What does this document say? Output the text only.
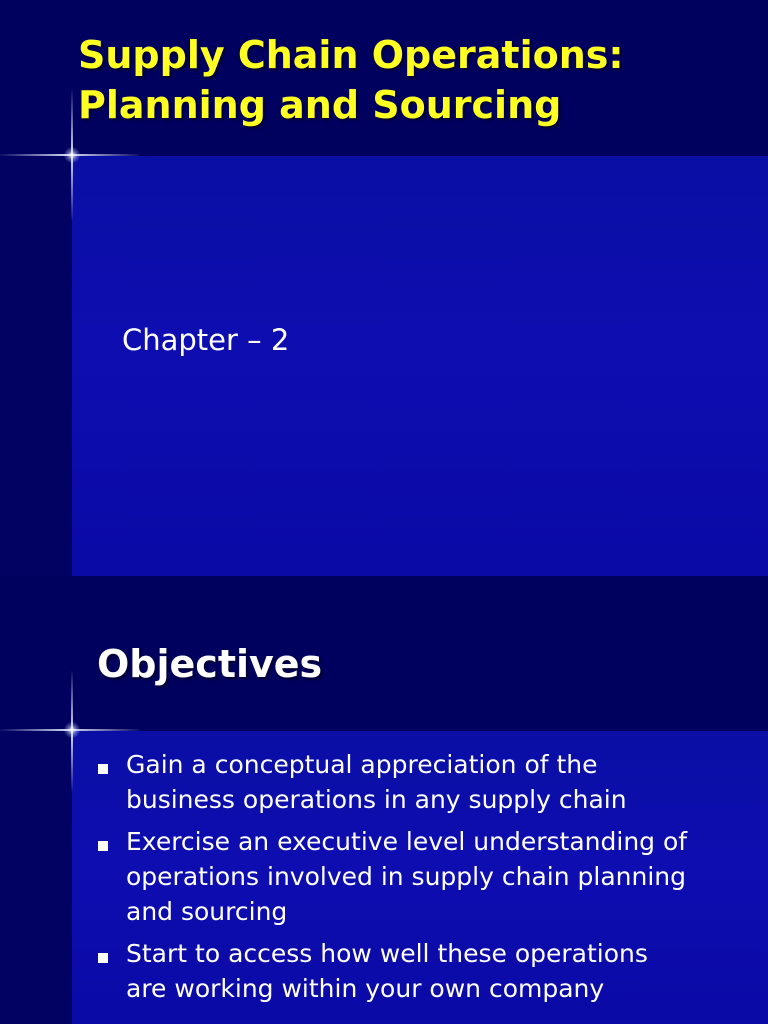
Supply Chain Operations:
Planning and Sourcing
Chapter – 2
Objectives
Gain a conceptual appreciation of the
business operations in any supply chain
Exercise an executive level understanding of
operations involved in supply chain planning
and sourcing
Start to access how well these operations
are working within your own company
